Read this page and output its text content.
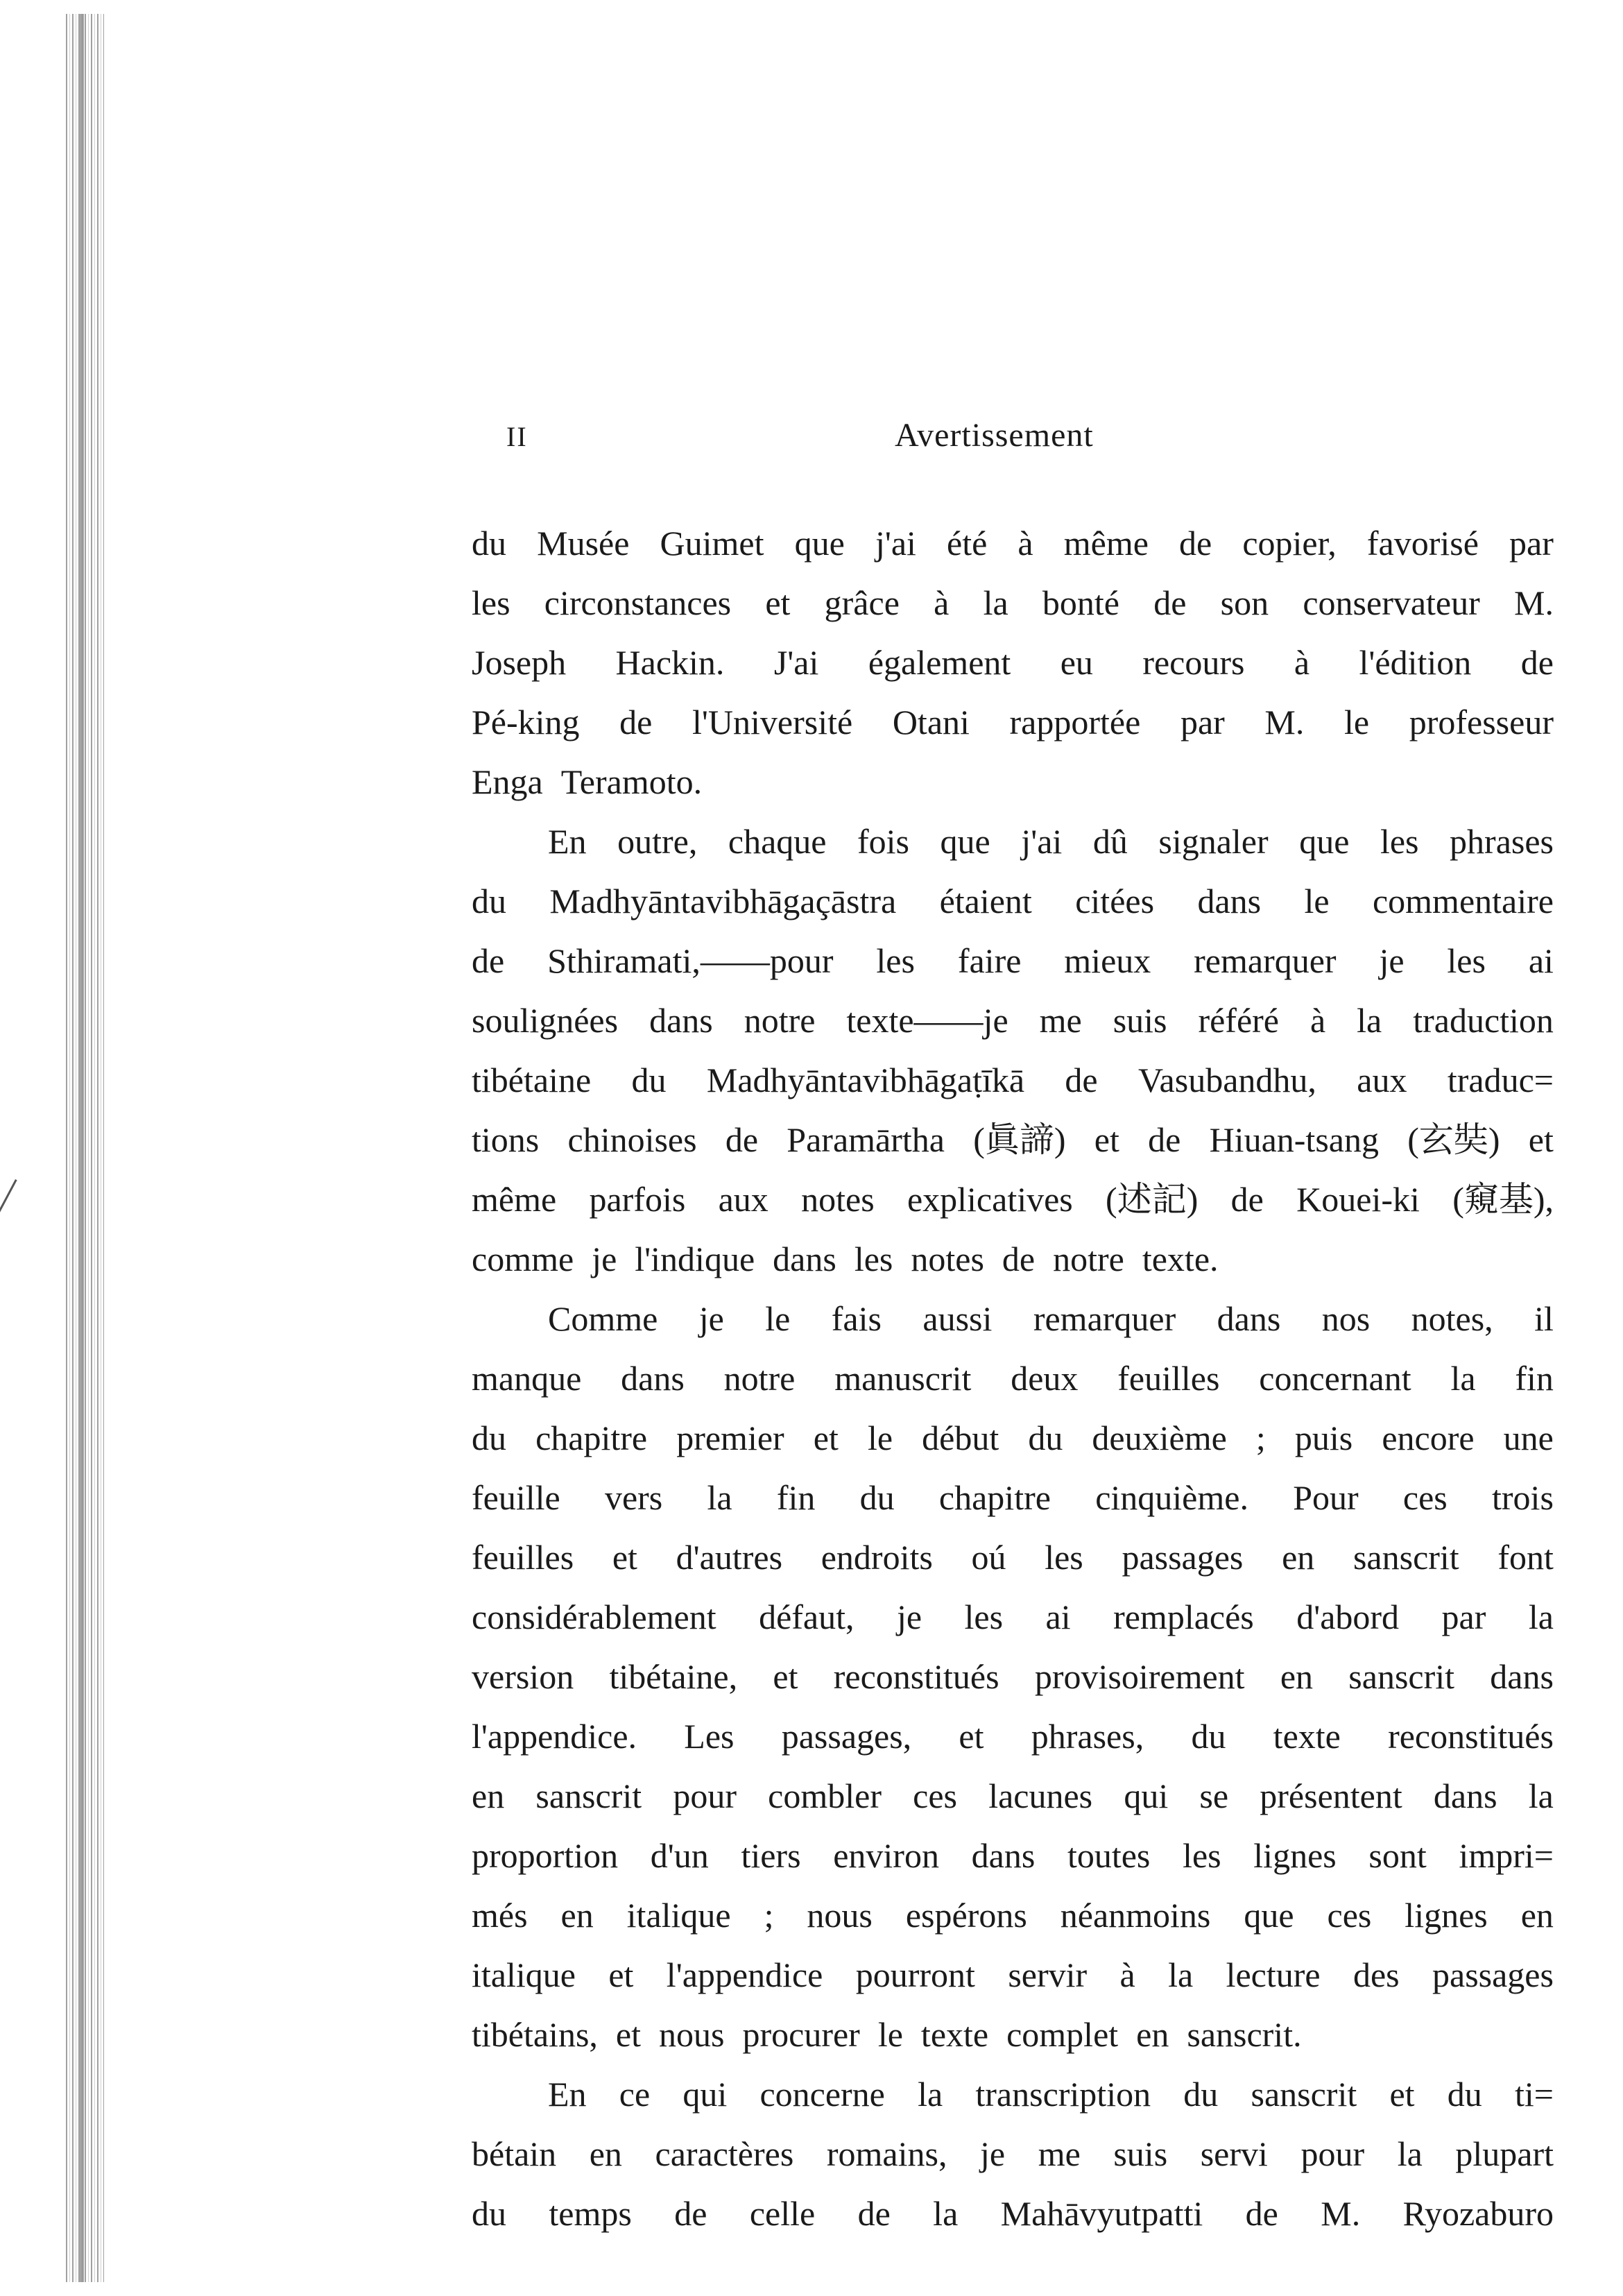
II	Avertissement
du Musée Guimet que j'ai été à même de copier, favorisé par
les circonstances et grâce à la bonté de son conservateur M.
Joseph Hackin. J'ai également eu recours à l'édition de
Pé-king de l'Université Otani rapportée par M. le professeur
Enga Teramoto.
En outre, chaque fois que j'ai dû signaler que les phrases
du Madhyāntavibhāgaçāstra étaient citées dans le commentaire
de Sthiramati,——pour les faire mieux remarquer je les ai
soulignées dans notre texte——je me suis référé à la traduction
tibétaine du Madhyāntavibhāgaṭīkā de Vasubandhu, aux traduc=
tions chinoises de Paramārtha (眞諦) et de Hiuan-tsang (玄奘) et
même parfois aux notes explicatives (述記) de Kouei-ki (窺基),
comme je l'indique dans les notes de notre texte.
Comme je le fais aussi remarquer dans nos notes, il
manque dans notre manuscrit deux feuilles concernant la fin
du chapitre premier et le début du deuxième ; puis encore une
feuille vers la fin du chapitre cinquième. Pour ces trois
feuilles et d'autres endroits oú les passages en sanscrit font
considérablement défaut, je les ai remplacés d'abord par la
version tibétaine, et reconstitués provisoirement en sanscrit dans
l'appendice. Les passages, et phrases, du texte reconstitués
en sanscrit pour combler ces lacunes qui se présentent dans la
proportion d'un tiers environ dans toutes les lignes sont impri=
més en italique ; nous espérons néanmoins que ces lignes en
italique et l'appendice pourront servir à la lecture des passages
tibétains, et nous procurer le texte complet en sanscrit.
En ce qui concerne la transcription du sanscrit et du ti=
bétain en caractères romains, je me suis servi pour la plupart
du temps de celle de la Mahāvyutpatti de M. Ryozaburo
